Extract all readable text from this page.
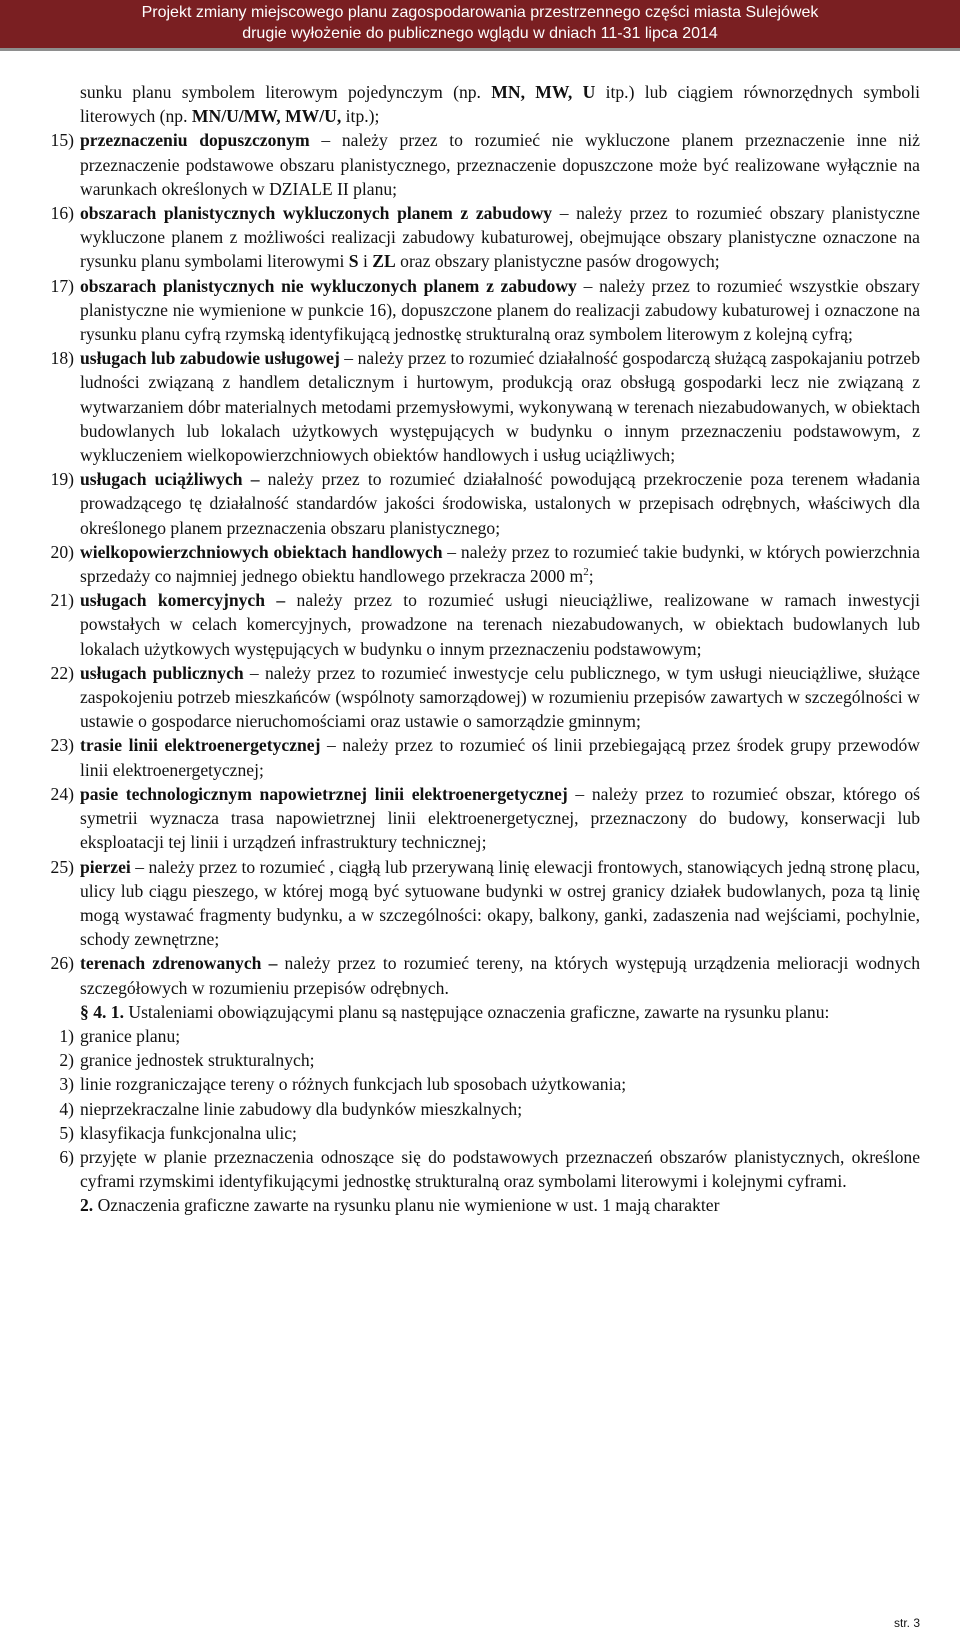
Projekt zmiany miejscowego planu zagospodarowania przestrzennego części miasta Sulejówek
drugie wyłożenie do publicznego wglądu w dniach 11-31 lipca 2014
sunku planu symbolem literowym pojedynczym (np. MN, MW, U itp.) lub ciągiem równorzędnych symboli literowych (np. MN/U/MW, MW/U, itp.);
15) przeznaczeniu dopuszczonym – należy przez to rozumieć nie wykluczone planem przeznaczenie inne niż przeznaczenie podstawowe obszaru planistycznego, przeznaczenie dopuszczone może być realizowane wyłącznie na warunkach określonych w DZIALE II planu;
16) obszarach planistycznych wykluczonych planem z zabudowy – należy przez to rozumieć obszary planistyczne wykluczone planem z możliwości realizacji zabudowy kubaturowej, obejmujące obszary planistyczne oznaczone na rysunku planu symbolami literowymi S i ZL oraz obszary planistyczne pasów drogowych;
17) obszarach planistycznych nie wykluczonych planem z zabudowy – należy przez to rozumieć wszystkie obszary planistyczne nie wymienione w punkcie 16), dopuszczone planem do realizacji zabudowy kubaturowej i oznaczone na rysunku planu cyfrą rzymską identyfikującą jednostkę strukturalną oraz symbolem literowym z kolejną cyfrą;
18) usługach lub zabudowie usługowej – należy przez to rozumieć działalność gospodarczą służącą zaspokajaniu potrzeb ludności związaną z handlem detalicznym i hurtowym, produkcją oraz obsługą gospodarki lecz nie związaną z wytwarzaniem dóbr materialnych metodami przemysłowymi, wykonywaną w terenach niezabudowanych, w obiektach budowlanych lub lokalach użytkowych występujących w budynku o innym przeznaczeniu podstawowym, z wykluczeniem wielkopowierzchniowych obiektów handlowych i usług uciążliwych;
19) usługach uciążliwych – należy przez to rozumieć działalność powodującą przekroczenie poza terenem władania prowadzącego tę działalność standardów jakości środowiska, ustalonych w przepisach odrębnych, właściwych dla określonego planem przeznaczenia obszaru planistycznego;
20) wielkopowierzchniowych obiektach handlowych – należy przez to rozumieć takie budynki, w których powierzchnia sprzedaży co najmniej jednego obiektu handlowego przekracza 2000 $m^2$;
21) usługach komercyjnych – należy przez to rozumieć usługi nieuciążliwe, realizowane w ramach inwestycji powstałych w celach komercyjnych, prowadzone na terenach niezabudowanych, w obiektach budowlanych lub lokalach użytkowych występujących w budynku o innym przeznaczeniu podstawowym;
22) usługach publicznych – należy przez to rozumieć inwestycje celu publicznego, w tym usługi nieuciążliwe, służące zaspokojeniu potrzeb mieszkańców (wspólnoty samorządowej) w rozumieniu przepisów zawartych w szczególności w ustawie o gospodarce nieruchomościami oraz ustawie o samorządzie gminnym;
23) trasie linii elektroenergetycznej – należy przez to rozumieć oś linii przebiegającą przez środek grupy przewodów linii elektroenergetycznej;
24) pasie technologicznym napowietrznej linii elektroenergetycznej – należy przez to rozumieć obszar, którego oś symetrii wyznacza trasa napowietrznej linii elektroenergetycznej, przeznaczony do budowy, konserwacji lub eksploatacji tej linii i urządzeń infrastruktury technicznej;
25) pierzei – należy przez to rozumieć , ciągłą lub przerywaną linię elewacji frontowych, stanowiących jedną stronę placu, ulicy lub ciągu pieszego, w której mogą być sytuowane budynki w ostrej granicy działek budowlanych, poza tą linię mogą wystawać fragmenty budynku, a w szczególności: okapy, balkony, ganki, zadaszenia nad wejściami, pochylnie, schody zewnętrzne;
26) terenach zdrenowanych – należy przez to rozumieć tereny, na których występują urządzenia melioracji wodnych szczegółowych w rozumieniu przepisów odrębnych.
§ 4. 1. Ustaleniami obowiązującymi planu są następujące oznaczenia graficzne, zawarte na rysunku planu:
1) granice planu;
2) granice jednostek strukturalnych;
3) linie rozgraniczające tereny o różnych funkcjach lub sposobach użytkowania;
4) nieprzekraczalne linie zabudowy dla budynków mieszkalnych;
5) klasyfikacja funkcjonalna ulic;
6) przyjęte w planie przeznaczenia odnoszące się do podstawowych przeznaczeń obszarów planistycznych, określone cyframi rzymskimi identyfikującymi jednostkę strukturalną oraz symbolami literowymi i kolejnymi cyframi.
2. Oznaczenia graficzne zawarte na rysunku planu nie wymienione w ust. 1 mają charakter
str. 3
